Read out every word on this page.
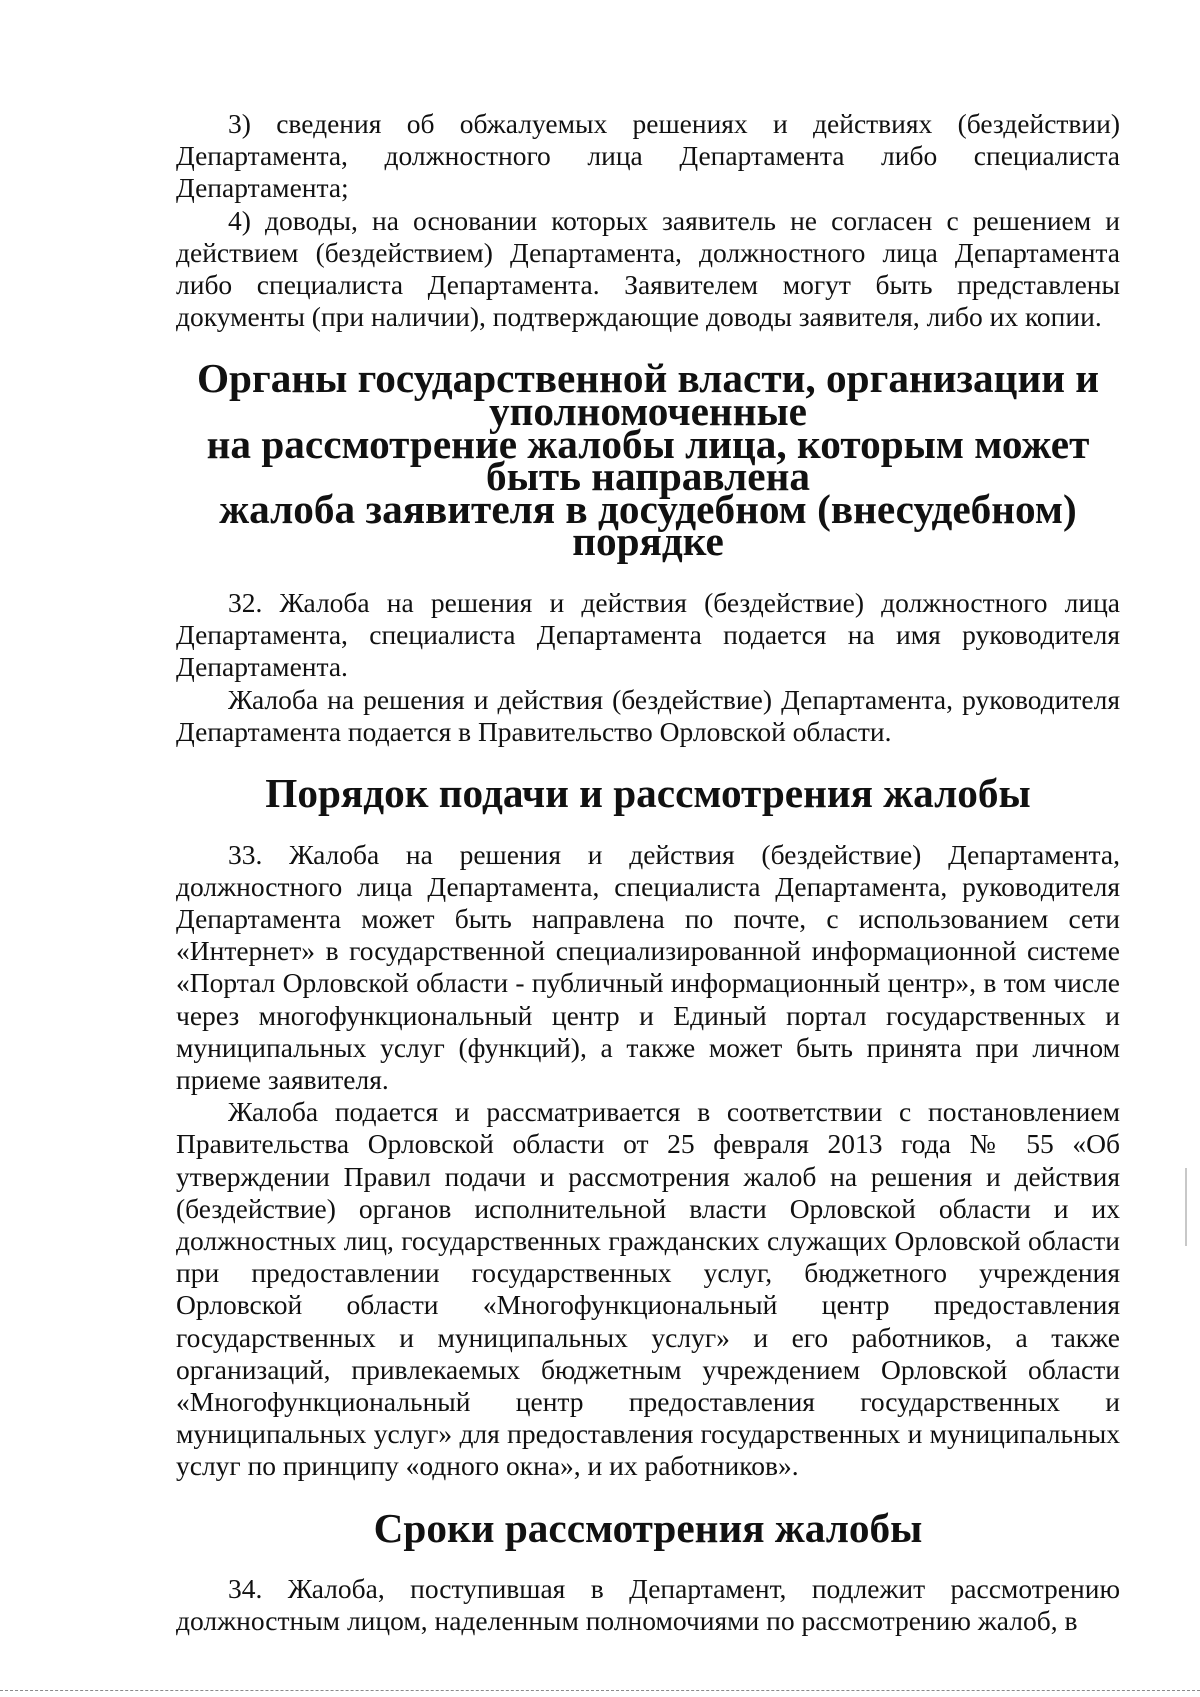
3) сведения об обжалуемых решениях и действиях (бездействии) Департамента, должностного лица Департамента либо специалиста Департамента;

4) доводы, на основании которых заявитель не согласен с решением и действием (бездействием) Департамента, должностного лица Департамента либо специалиста Департамента. Заявителем могут быть представлены документы (при наличии), подтверждающие доводы заявителя, либо их копии.

Органы государственной власти, организации и уполномоченные
на рассмотрение жалобы лица, которым может быть направлена
жалоба заявителя в досудебном (внесудебном) порядке

32. Жалоба на решения и действия (бездействие) должностного лица Департамента, специалиста Департамента подается на имя руководителя Департамента.

Жалоба на решения и действия (бездействие) Департамента, руководителя Департамента подается в Правительство Орловской области.

Порядок подачи и рассмотрения жалобы

33. Жалоба на решения и действия (бездействие) Департамента, должностного лица Департамента, специалиста Департамента, руководителя Департамента может быть направлена по почте, с использованием сети «Интернет» в государственной специализированной информационной системе «Портал Орловской области - публичный информационный центр», в том числе через многофункциональный центр и Единый портал государственных и муниципальных услуг (функций), а также может быть принята при личном приеме заявителя.

Жалоба подается и рассматривается в соответствии с постановлением Правительства Орловской области от 25 февраля 2013 года № 55 «Об утверждении Правил подачи и рассмотрения жалоб на решения и действия (бездействие) органов исполнительной власти Орловской области и их должностных лиц, государственных гражданских служащих Орловской области при предоставлении государственных услуг, бюджетного учреждения Орловской области «Многофункциональный центр предоставления государственных и муниципальных услуг» и его работников, а также организаций, привлекаемых бюджетным учреждением Орловской области «Многофункциональный центр предоставления государственных и муниципальных услуг» для предоставления государственных и муниципальных услуг по принципу «одного окна», и их работников».

Сроки рассмотрения жалобы

34. Жалоба, поступившая в Департамент, подлежит рассмотрению должностным лицом, наделенным полномочиями по рассмотрению жалоб, в
